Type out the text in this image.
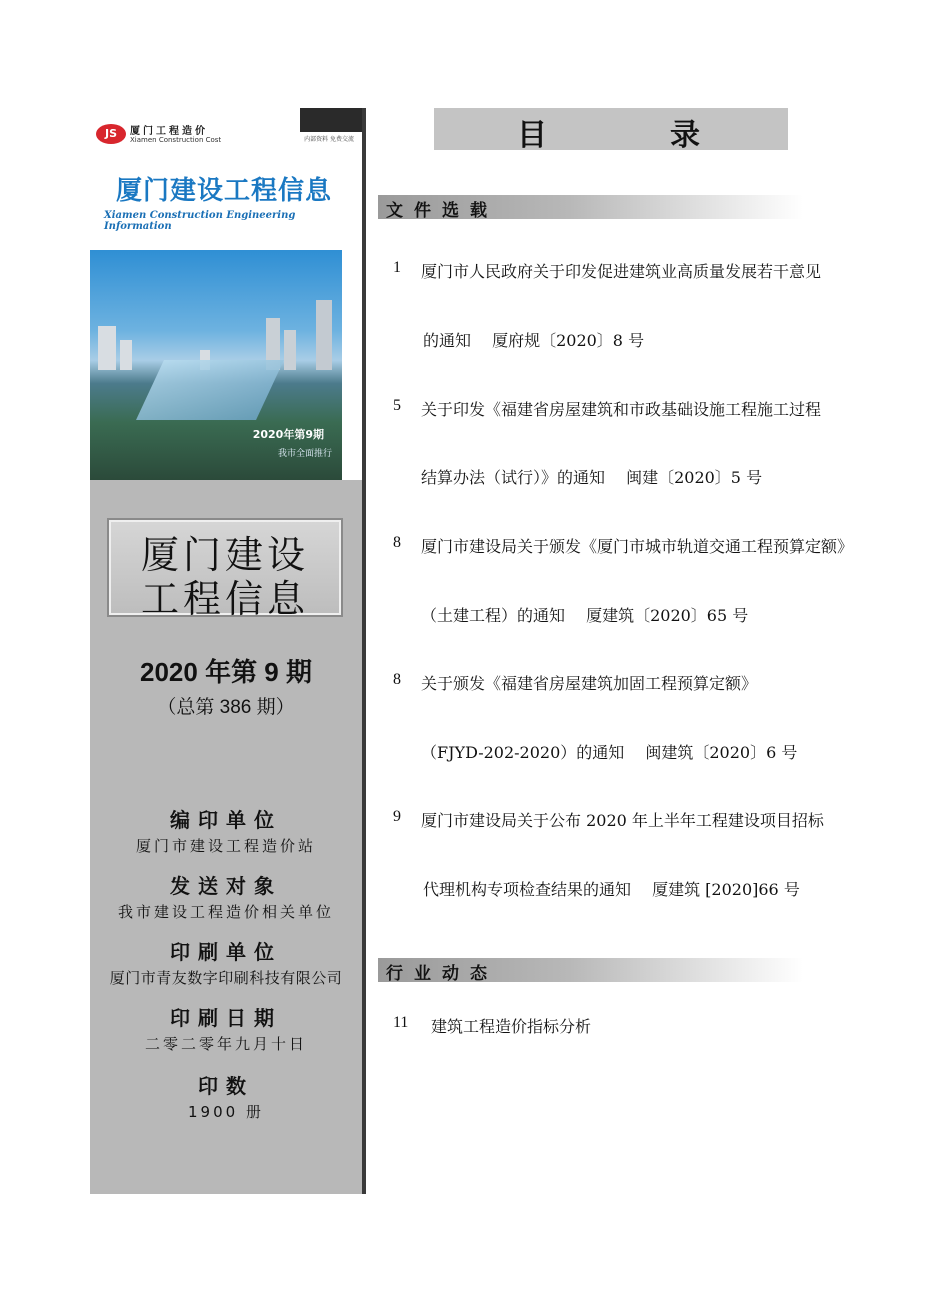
JS	厦门工程造价
Xiamen Construction Cost	内部资料 免费交流
厦门建设工程信息
Xiamen Construction Engineering Information
2020年第9期
我市全面推行
厦门建设
工程信息
2020 年第 9 期
（总第 386 期）
编印单位
厦门市建设工程造价站
发送对象
我市建设工程造价相关单位
印刷单位
厦门市青友数字印刷科技有限公司
印刷日期
二零二零年九月十日
印数
1900 册
目	录
文件选载
1 厦门市人民政府关于印发促进建筑业高质量发展若干意见
的通知　 厦府规〔2020〕8 号
5 关于印发《福建省房屋建筑和市政基础设施工程施工过程
结算办法（试行）》的通知　 闽建〔2020〕5 号
8 厦门市建设局关于颁发《厦门市城市轨道交通工程预算定额》
（土建工程）的通知　 厦建筑〔2020〕65 号
8 关于颁发《福建省房屋建筑加固工程预算定额》
（FJYD-202-2020）的通知　 闽建筑〔2020〕6 号
9 厦门市建设局关于公布 2020 年上半年工程建设项目招标
代理机构专项检查结果的通知　 厦建筑 [2020]66 号
行业动态
11 建筑工程造价指标分析
